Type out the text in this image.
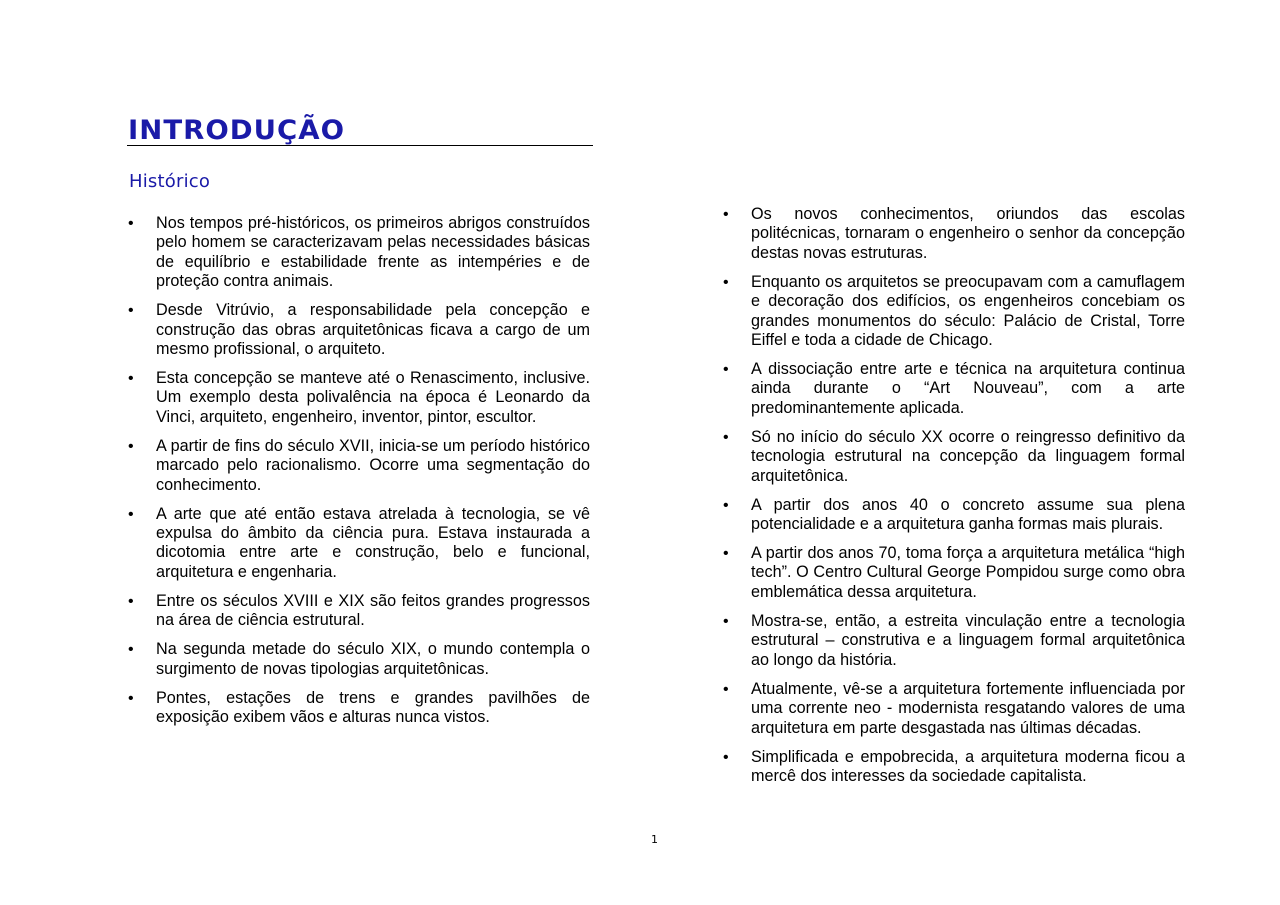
INTRODUÇÃO
Histórico
• Nos tempos pré-históricos, os primeiros abrigos construídos pelo homem se caracterizavam pelas necessidades básicas de equilíbrio e estabilidade frente as intempéries e de proteção contra animais.
• Desde Vitrúvio, a responsabilidade pela concepção e construção das obras arquitetônicas ficava a cargo de um mesmo profissional, o arquiteto.
• Esta concepção se manteve até o Renascimento, inclusive. Um exemplo desta polivalência na época é Leonardo da Vinci, arquiteto, engenheiro, inventor, pintor, escultor.
• A partir de fins do século XVII, inicia-se um período histórico marcado pelo racionalismo. Ocorre uma segmentação do conhecimento.
• A arte que até então estava atrelada à tecnologia, se vê expulsa do âmbito da ciência pura. Estava instaurada a dicotomia entre arte e construção, belo e funcional, arquitetura e engenharia.
• Entre os séculos XVIII e XIX são feitos grandes progressos na área de ciência estrutural.
• Na segunda metade do século XIX, o mundo contempla o surgimento de novas tipologias arquitetônicas.
• Pontes, estações de trens e grandes pavilhões de exposição exibem vãos e alturas nunca vistos.
• Os novos conhecimentos, oriundos das escolas politécnicas, tornaram o engenheiro o senhor da concepção destas novas estruturas.
• Enquanto os arquitetos se preocupavam com a camuflagem e decoração dos edifícios, os engenheiros concebiam os grandes monumentos do século: Palácio de Cristal, Torre Eiffel e toda a cidade de Chicago.
• A dissociação entre arte e técnica na arquitetura continua ainda durante o “Art Nouveau”, com a arte predominantemente aplicada.
• Só no início do século XX ocorre o reingresso definitivo da tecnologia estrutural na concepção da linguagem formal arquitetônica.
• A partir dos anos 40 o concreto assume sua plena potencialidade e a arquitetura ganha formas mais plurais.
• A partir dos anos 70, toma força a arquitetura metálica “high tech”. O Centro Cultural George Pompidou surge como obra emblemática dessa arquitetura.
• Mostra-se, então, a estreita vinculação entre a tecnologia estrutural – construtiva e a linguagem formal arquitetônica ao longo da história.
• Atualmente, vê-se a arquitetura fortemente influenciada por uma corrente neo - modernista resgatando valores de uma arquitetura em parte desgastada nas últimas décadas.
• Simplificada e empobrecida, a arquitetura moderna ficou a mercê dos interesses da sociedade capitalista.
1
